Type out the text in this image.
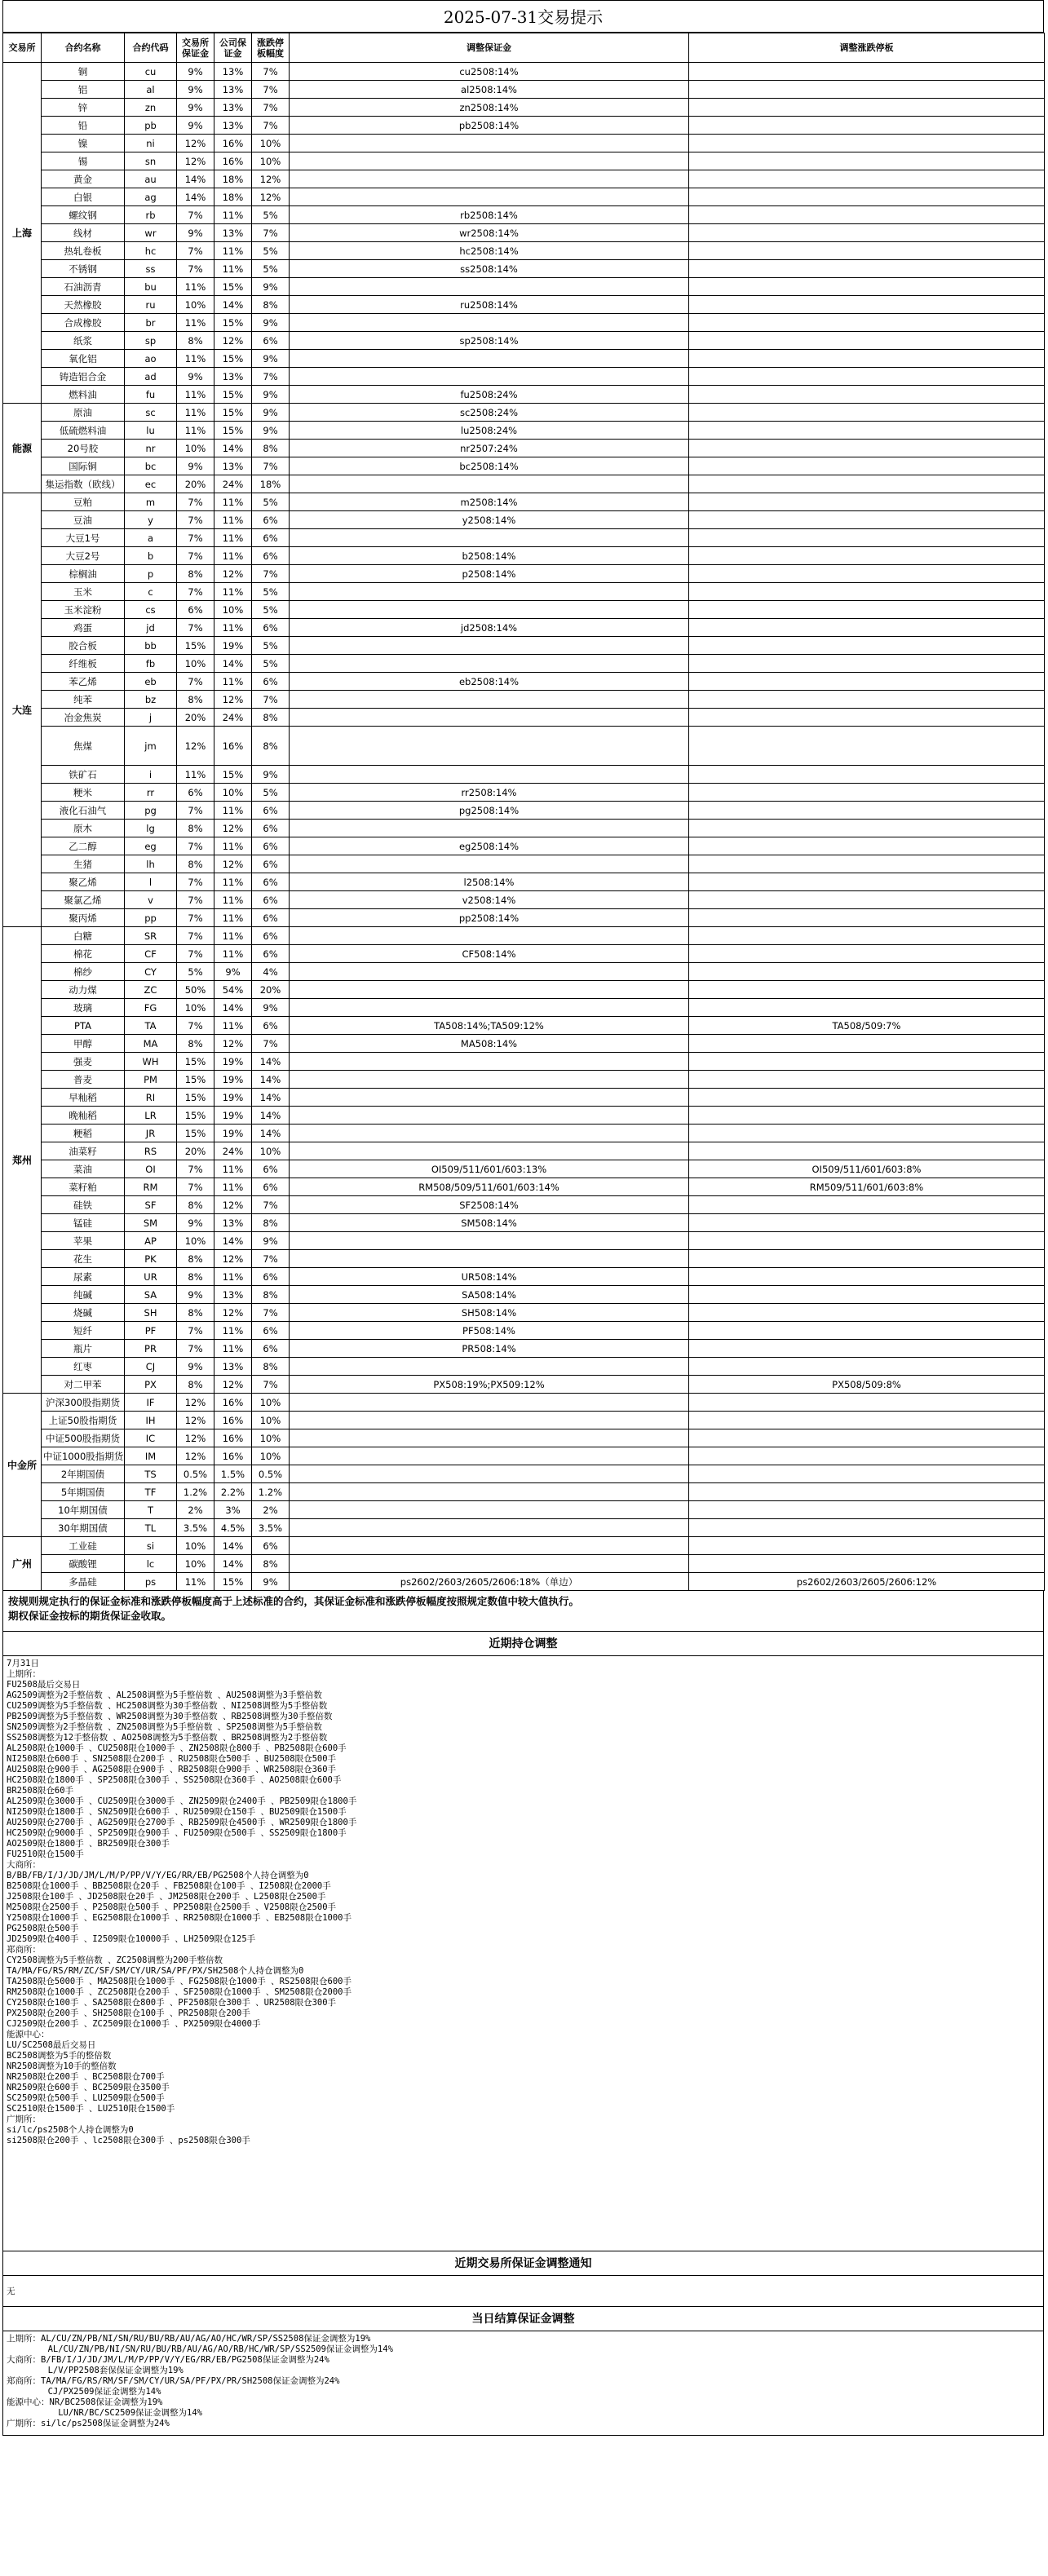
2025-07-31交易提示
交易所	合约名称	合约代码	交易所保证金	公司保证金	涨跌停板幅度	调整保证金	调整涨跌停板
上海	铜	cu	9%	13%	7%	cu2508:14%	
	铝	al	9%	13%	7%	al2508:14%	
	锌	zn	9%	13%	7%	zn2508:14%	
	铅	pb	9%	13%	7%	pb2508:14%	
	镍	ni	12%	16%	10%		
	锡	sn	12%	16%	10%		
	黄金	au	14%	18%	12%		
	白银	ag	14%	18%	12%		
	螺纹钢	rb	7%	11%	5%	rb2508:14%	
	线材	wr	9%	13%	7%	wr2508:14%	
	热轧卷板	hc	7%	11%	5%	hc2508:14%	
	不锈钢	ss	7%	11%	5%	ss2508:14%	
	石油沥青	bu	11%	15%	9%		
	天然橡胶	ru	10%	14%	8%	ru2508:14%	
	合成橡胶	br	11%	15%	9%		
	纸浆	sp	8%	12%	6%	sp2508:14%	
	氧化铝	ao	11%	15%	9%		
	铸造铝合金	ad	9%	13%	7%		
	燃料油	fu	11%	15%	9%	fu2508:24%	
能源	原油	sc	11%	15%	9%	sc2508:24%	
	低硫燃料油	lu	11%	15%	9%	lu2508:24%	
	20号胶	nr	10%	14%	8%	nr2507:24%	
	国际铜	bc	9%	13%	7%	bc2508:14%	
	集运指数（欧线）	ec	20%	24%	18%		
大连	豆粕	m	7%	11%	5%	m2508:14%	
	豆油	y	7%	11%	6%	y2508:14%	
	大豆1号	a	7%	11%	6%		
	大豆2号	b	7%	11%	6%	b2508:14%	
	棕榈油	p	8%	12%	7%	p2508:14%	
	玉米	c	7%	11%	5%		
	玉米淀粉	cs	6%	10%	5%		
	鸡蛋	jd	7%	11%	6%	jd2508:14%	
	胶合板	bb	15%	19%	5%		
	纤维板	fb	10%	14%	5%		
	苯乙烯	eb	7%	11%	6%	eb2508:14%	
	纯苯	bz	8%	12%	7%		
	冶金焦炭	j	20%	24%	8%		
	焦煤	jm	12%	16%	8%		
	铁矿石	i	11%	15%	9%		
	粳米	rr	6%	10%	5%	rr2508:14%	
	液化石油气	pg	7%	11%	6%	pg2508:14%	
	原木	lg	8%	12%	6%		
	乙二醇	eg	7%	11%	6%	eg2508:14%	
	生猪	lh	8%	12%	6%		
	聚乙烯	l	7%	11%	6%	l2508:14%	
	聚氯乙烯	v	7%	11%	6%	v2508:14%	
	聚丙烯	pp	7%	11%	6%	pp2508:14%	
郑州	白糖	SR	7%	11%	6%		
	棉花	CF	7%	11%	6%	CF508:14%	
	棉纱	CY	5%	9%	4%		
	动力煤	ZC	50%	54%	20%		
	玻璃	FG	10%	14%	9%		
	PTA	TA	7%	11%	6%	TA508:14%;TA509:12%	TA508/509:7%
	甲醇	MA	8%	12%	7%	MA508:14%	
	强麦	WH	15%	19%	14%		
	普麦	PM	15%	19%	14%		
	早籼稻	RI	15%	19%	14%		
	晚籼稻	LR	15%	19%	14%		
	粳稻	JR	15%	19%	14%		
	油菜籽	RS	20%	24%	10%		
	菜油	OI	7%	11%	6%	OI509/511/601/603:13%	OI509/511/601/603:8%
	菜籽粕	RM	7%	11%	6%	RM508/509/511/601/603:14%	RM509/511/601/603:8%
	硅铁	SF	8%	12%	7%	SF2508:14%	
	锰硅	SM	9%	13%	8%	SM508:14%	
	苹果	AP	10%	14%	9%		
	花生	PK	8%	12%	7%		
	尿素	UR	8%	11%	6%	UR508:14%	
	纯碱	SA	9%	13%	8%	SA508:14%	
	烧碱	SH	8%	12%	7%	SH508:14%	
	短纤	PF	7%	11%	6%	PF508:14%	
	瓶片	PR	7%	11%	6%	PR508:14%	
	红枣	CJ	9%	13%	8%		
	对二甲苯	PX	8%	12%	7%	PX508:19%;PX509:12%	PX508/509:8%
中金所	沪深300股指期货	IF	12%	16%	10%		
	上证50股指期货	IH	12%	16%	10%		
	中证500股指期货	IC	12%	16%	10%		
	中证1000股指期货	IM	12%	16%	10%		
	2年期国债	TS	0.5%	1.5%	0.5%		
	5年期国债	TF	1.2%	2.2%	1.2%		
	10年期国债	T	2%	3%	2%		
	30年期国债	TL	3.5%	4.5%	3.5%		
广州	工业硅	si	10%	14%	6%		
	碳酸锂	lc	10%	14%	8%		
	多晶硅	ps	11%	15%	9%	ps2602/2603/2605/2606:18%（单边）	ps2602/2603/2605/2606:12%
按规则规定执行的保证金标准和涨跌停板幅度高于上述标准的合约，其保证金标准和涨跌停板幅度按照规定数值中较大值执行。
期权保证金按标的期货保证金收取。
近期持仓调整
7月31日
上期所：
FU2508最后交易日
AG2509调整为2手整倍数 、AL2508调整为5手整倍数 、AU2508调整为3手整倍数
CU2509调整为5手整倍数 、HC2508调整为30手整倍数 、NI2508调整为5手整倍数
PB2509调整为5手整倍数 、WR2508调整为30手整倍数 、RB2508调整为30手整倍数
SN2509调整为2手整倍数 、ZN2508调整为5手整倍数 、SP2508调整为5手整倍数
SS2508调整为12手整倍数 、AO2508调整为5手整倍数 、BR2508调整为2手整倍数
AL2508限仓1000手 、CU2508限仓1000手 、ZN2508限仓800手 、PB2508限仓600手
NI2508限仓600手 、SN2508限仓200手 、RU2508限仓500手 、BU2508限仓500手
AU2508限仓900手 、AG2508限仓900手 、RB2508限仓900手 、WR2508限仓360手
HC2508限仓1800手 、SP2508限仓300手 、SS2508限仓360手 、AO2508限仓600手
BR2508限仓60手
AL2509限仓3000手 、CU2509限仓3000手 、ZN2509限仓2400手 、PB2509限仓1800手
NI2509限仓1800手 、SN2509限仓600手 、RU2509限仓150手 、BU2509限仓1500手
AU2509限仓2700手 、AG2509限仓2700手 、RB2509限仓4500手 、WR2509限仓1800手
HC2509限仓9000手 、SP2509限仓900手 、FU2509限仓500手 、SS2509限仓1800手
AO2509限仓1800手 、BR2509限仓300手
FU2510限仓1500手
大商所：
B/BB/FB/I/J/JD/JM/L/M/P/PP/V/Y/EG/RR/EB/PG2508个人持仓调整为0
B2508限仓1000手 、BB2508限仓20手 、FB2508限仓100手 、I2508限仓2000手
J2508限仓100手 、JD2508限仓20手 、JM2508限仓200手 、L2508限仓2500手
M2508限仓2500手 、P2508限仓500手 、PP2508限仓2500手 、V2508限仓2500手
Y2508限仓1000手 、EG2508限仓1000手 、RR2508限仓1000手 、EB2508限仓1000手
PG2508限仓500手
JD2509限仓400手 、I2509限仓10000手 、LH2509限仓125手
郑商所：
CY2508调整为5手整倍数 、ZC2508调整为200手整倍数
TA/MA/FG/RS/RM/ZC/SF/SM/CY/UR/SA/PF/PX/SH2508个人持仓调整为0
TA2508限仓5000手 、MA2508限仓1000手 、FG2508限仓1000手 、RS2508限仓600手
RM2508限仓1000手 、ZC2508限仓200手 、SF2508限仓1000手 、SM2508限仓2000手
CY2508限仓100手 、SA2508限仓800手 、PF2508限仓300手 、UR2508限仓300手
PX2508限仓200手 、SH2508限仓100手 、PR2508限仓200手
CJ2509限仓200手 、ZC2509限仓1000手 、PX2509限仓4000手
能源中心：
LU/SC2508最后交易日
BC2508调整为5手的整倍数
NR2508调整为10手的整倍数
NR2508限仓200手 、BC2508限仓700手
NR2509限仓600手 、BC2509限仓3500手
SC2509限仓500手 、LU2509限仓500手
SC2510限仓1500手 、LU2510限仓1500手
广期所：
si/lc/ps2508个人持仓调整为0
si2508限仓200手 、lc2508限仓300手 、ps2508限仓300手
近期交易所保证金调整通知
无
当日结算保证金调整
上期所：AL/CU/ZN/PB/NI/SN/RU/BU/RB/AU/AG/AO/HC/WR/SP/SS2508保证金调整为19%
AL/CU/ZN/PB/NI/SN/RU/BU/RB/AU/AG/AO/RB/HC/WR/SP/SS2509保证金调整为14%
大商所：B/FB/I/J/JD/JM/L/M/P/PP/V/Y/EG/RR/EB/PG2508保证金调整为24%
L/V/PP2508套保保证金调整为19%
郑商所：TA/MA/FG/RS/RM/SF/SM/CY/UR/SA/PF/PX/PR/SH2508保证金调整为24%
CJ/PX2509保证金调整为14%
能源中心：NR/BC2508保证金调整为19%
LU/NR/BC/SC2509保证金调整为14%
广期所：si/lc/ps2508保证金调整为24%
